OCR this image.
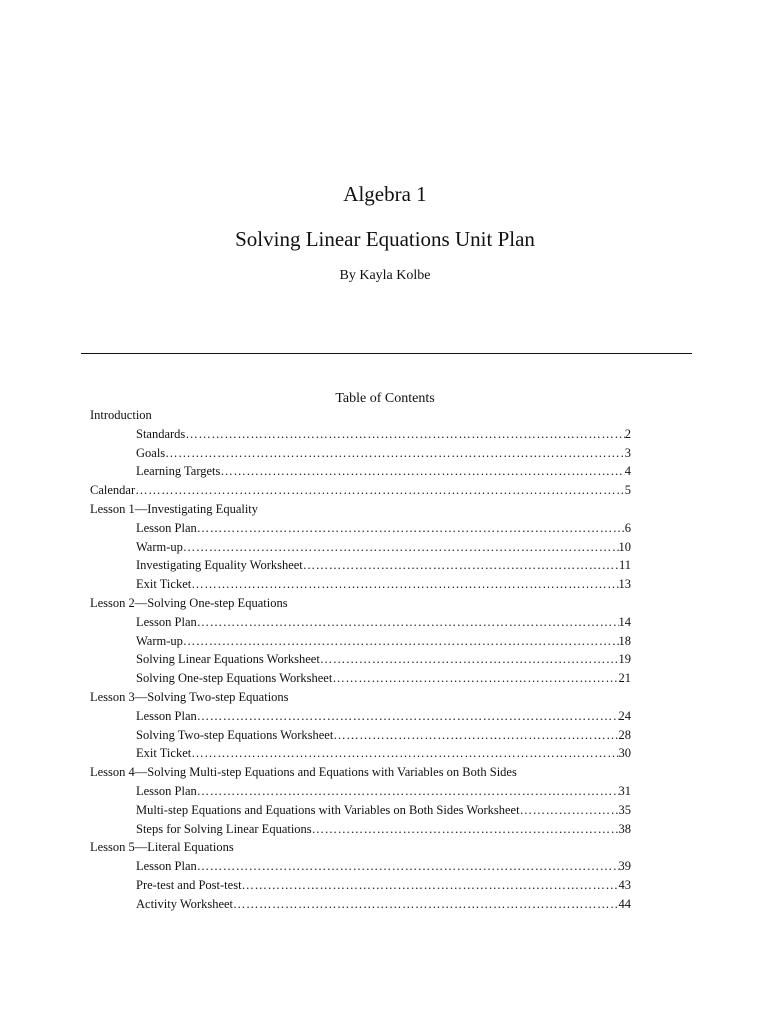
Algebra 1
Solving Linear Equations Unit Plan
By Kayla Kolbe
Table of Contents
Introduction
Standards ……………………………………………………………………………………………………………………………………………………………………	2
Goals ……………………………………………………………………………………………………………………………………………………………………	3
Learning Targets ……………………………………………………………………………………………………………………………………………………………………	4
Calendar ……………………………………………………………………………………………………………………………………………………………………	5
Lesson 1—Investigating Equality
Lesson Plan ……………………………………………………………………………………………………………………………………………………………………	6
Warm-up ……………………………………………………………………………………………………………………………………………………………………	10
Investigating Equality Worksheet ……………………………………………………………………………………………………………………………………………………………………	11
Exit Ticket ……………………………………………………………………………………………………………………………………………………………………	13
Lesson 2—Solving One-step Equations
Lesson Plan ……………………………………………………………………………………………………………………………………………………………………	14
Warm-up ……………………………………………………………………………………………………………………………………………………………………	18
Solving Linear Equations Worksheet ……………………………………………………………………………………………………………………………………………………………………	19
Solving One-step Equations Worksheet ……………………………………………………………………………………………………………………………………………………………………	21
Lesson 3—Solving Two-step Equations
Lesson Plan ……………………………………………………………………………………………………………………………………………………………………	24
Solving Two-step Equations Worksheet ……………………………………………………………………………………………………………………………………………………………………	28
Exit Ticket ……………………………………………………………………………………………………………………………………………………………………	30
Lesson 4—Solving Multi-step Equations and Equations with Variables on Both Sides
Lesson Plan ……………………………………………………………………………………………………………………………………………………………………	31
Multi-step Equations and Equations with Variables on Both Sides Worksheet ……………………………………………………………………………………………………………………………………………………………………	35
Steps for Solving Linear Equations ……………………………………………………………………………………………………………………………………………………………………	38
Lesson 5—Literal Equations
Lesson Plan ……………………………………………………………………………………………………………………………………………………………………	39
Pre-test and Post-test ……………………………………………………………………………………………………………………………………………………………………	43
Activity Worksheet ……………………………………………………………………………………………………………………………………………………………………	44
